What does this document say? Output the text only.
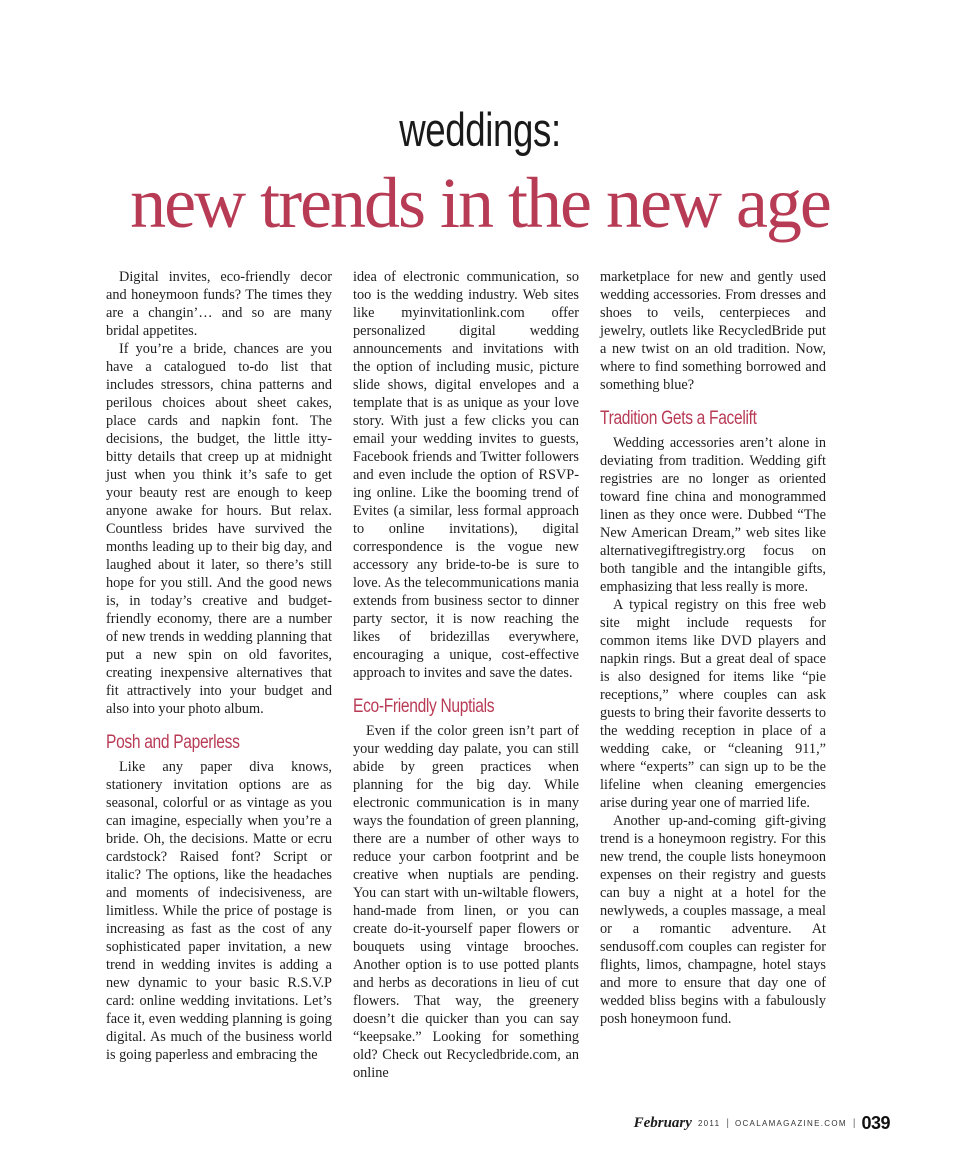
weddings:
new trends in the new age

Digital invites, eco-friendly decor and honeymoon funds? The times they are a changin’… and so are many bridal appetites.

If you’re a bride, chances are you have a catalogued to-do list that includes stressors, china patterns and perilous choices about sheet cakes, place cards and napkin font. The decisions, the budget, the little itty-bitty details that creep up at midnight just when you think it’s safe to get your beauty rest are enough to keep anyone awake for hours. But relax. Countless brides have survived the months leading up to their big day, and laughed about it later, so there’s still hope for you still. And the good news is, in today’s creative and budget-friendly economy, there are a number of new trends in wedding planning that put a new spin on old favorites, creating inexpensive alternatives that fit attractively into your budget and also into your photo album.

Posh and Paperless

Like any paper diva knows, stationery invitation options are as seasonal, colorful or as vintage as you can imagine, especially when you’re a bride. Oh, the decisions. Matte or ecru cardstock? Raised font? Script or italic? The options, like the headaches and moments of indecisiveness, are limitless. While the price of postage is increasing as fast as the cost of any sophisticated paper invitation, a new trend in wedding invites is adding a new dynamic to your basic R.S.V.P card: online wedding invitations. Let’s face it, even wedding planning is going digital. As much of the business world is going paperless and embracing the

idea of electronic communication, so too is the wedding industry. Web sites like myinvitationlink.com offer personalized digital wedding announcements and invitations with the option of including music, picture slide shows, digital envelopes and a template that is as unique as your love story. With just a few clicks you can email your wedding invites to guests, Facebook friends and Twitter followers and even include the option of RSVP-ing online. Like the booming trend of Evites (a similar, less formal approach to online invitations), digital correspondence is the vogue new accessory any bride-to-be is sure to love. As the telecommunications mania extends from business sector to dinner party sector, it is now reaching the likes of bridezillas everywhere, encouraging a unique, cost-effective approach to invites and save the dates.

Eco-Friendly Nuptials

Even if the color green isn’t part of your wedding day palate, you can still abide by green practices when planning for the big day. While electronic communication is in many ways the foundation of green planning, there are a number of other ways to reduce your carbon footprint and be creative when nuptials are pending. You can start with un-wiltable flowers, hand-made from linen, or you can create do-it-yourself paper flowers or bouquets using vintage brooches. Another option is to use potted plants and herbs as decorations in lieu of cut flowers. That way, the greenery doesn’t die quicker than you can say “keepsake.” Looking for something old? Check out Recycledbride.com, an online

marketplace for new and gently used wedding accessories. From dresses and shoes to veils, centerpieces and jewelry, outlets like RecycledBride put a new twist on an old tradition. Now, where to find something borrowed and something blue?

Tradition Gets a Facelift

Wedding accessories aren’t alone in deviating from tradition. Wedding gift registries are no longer as oriented toward fine china and monogrammed linen as they once were. Dubbed “The New American Dream,” web sites like alternativegiftregistry.org focus on both tangible and the intangible gifts, emphasizing that less really is more.

A typical registry on this free web site might include requests for common items like DVD players and napkin rings. But a great deal of space is also designed for items like “pie receptions,” where couples can ask guests to bring their favorite desserts to the wedding reception in place of a wedding cake, or “cleaning 911,” where “experts” can sign up to be the lifeline when cleaning emergencies arise during year one of married life.

Another up-and-coming gift-giving trend is a honeymoon registry. For this new trend, the couple lists honeymoon expenses on their registry and guests can buy a night at a hotel for the newlyweds, a couples massage, a meal or a romantic adventure. At sendusoff.com couples can register for flights, limos, champagne, hotel stays and more to ensure that day one of wedded bliss begins with a fabulously posh honeymoon fund.

February 2011 | OCALAMAGAZINE.COM | 039
